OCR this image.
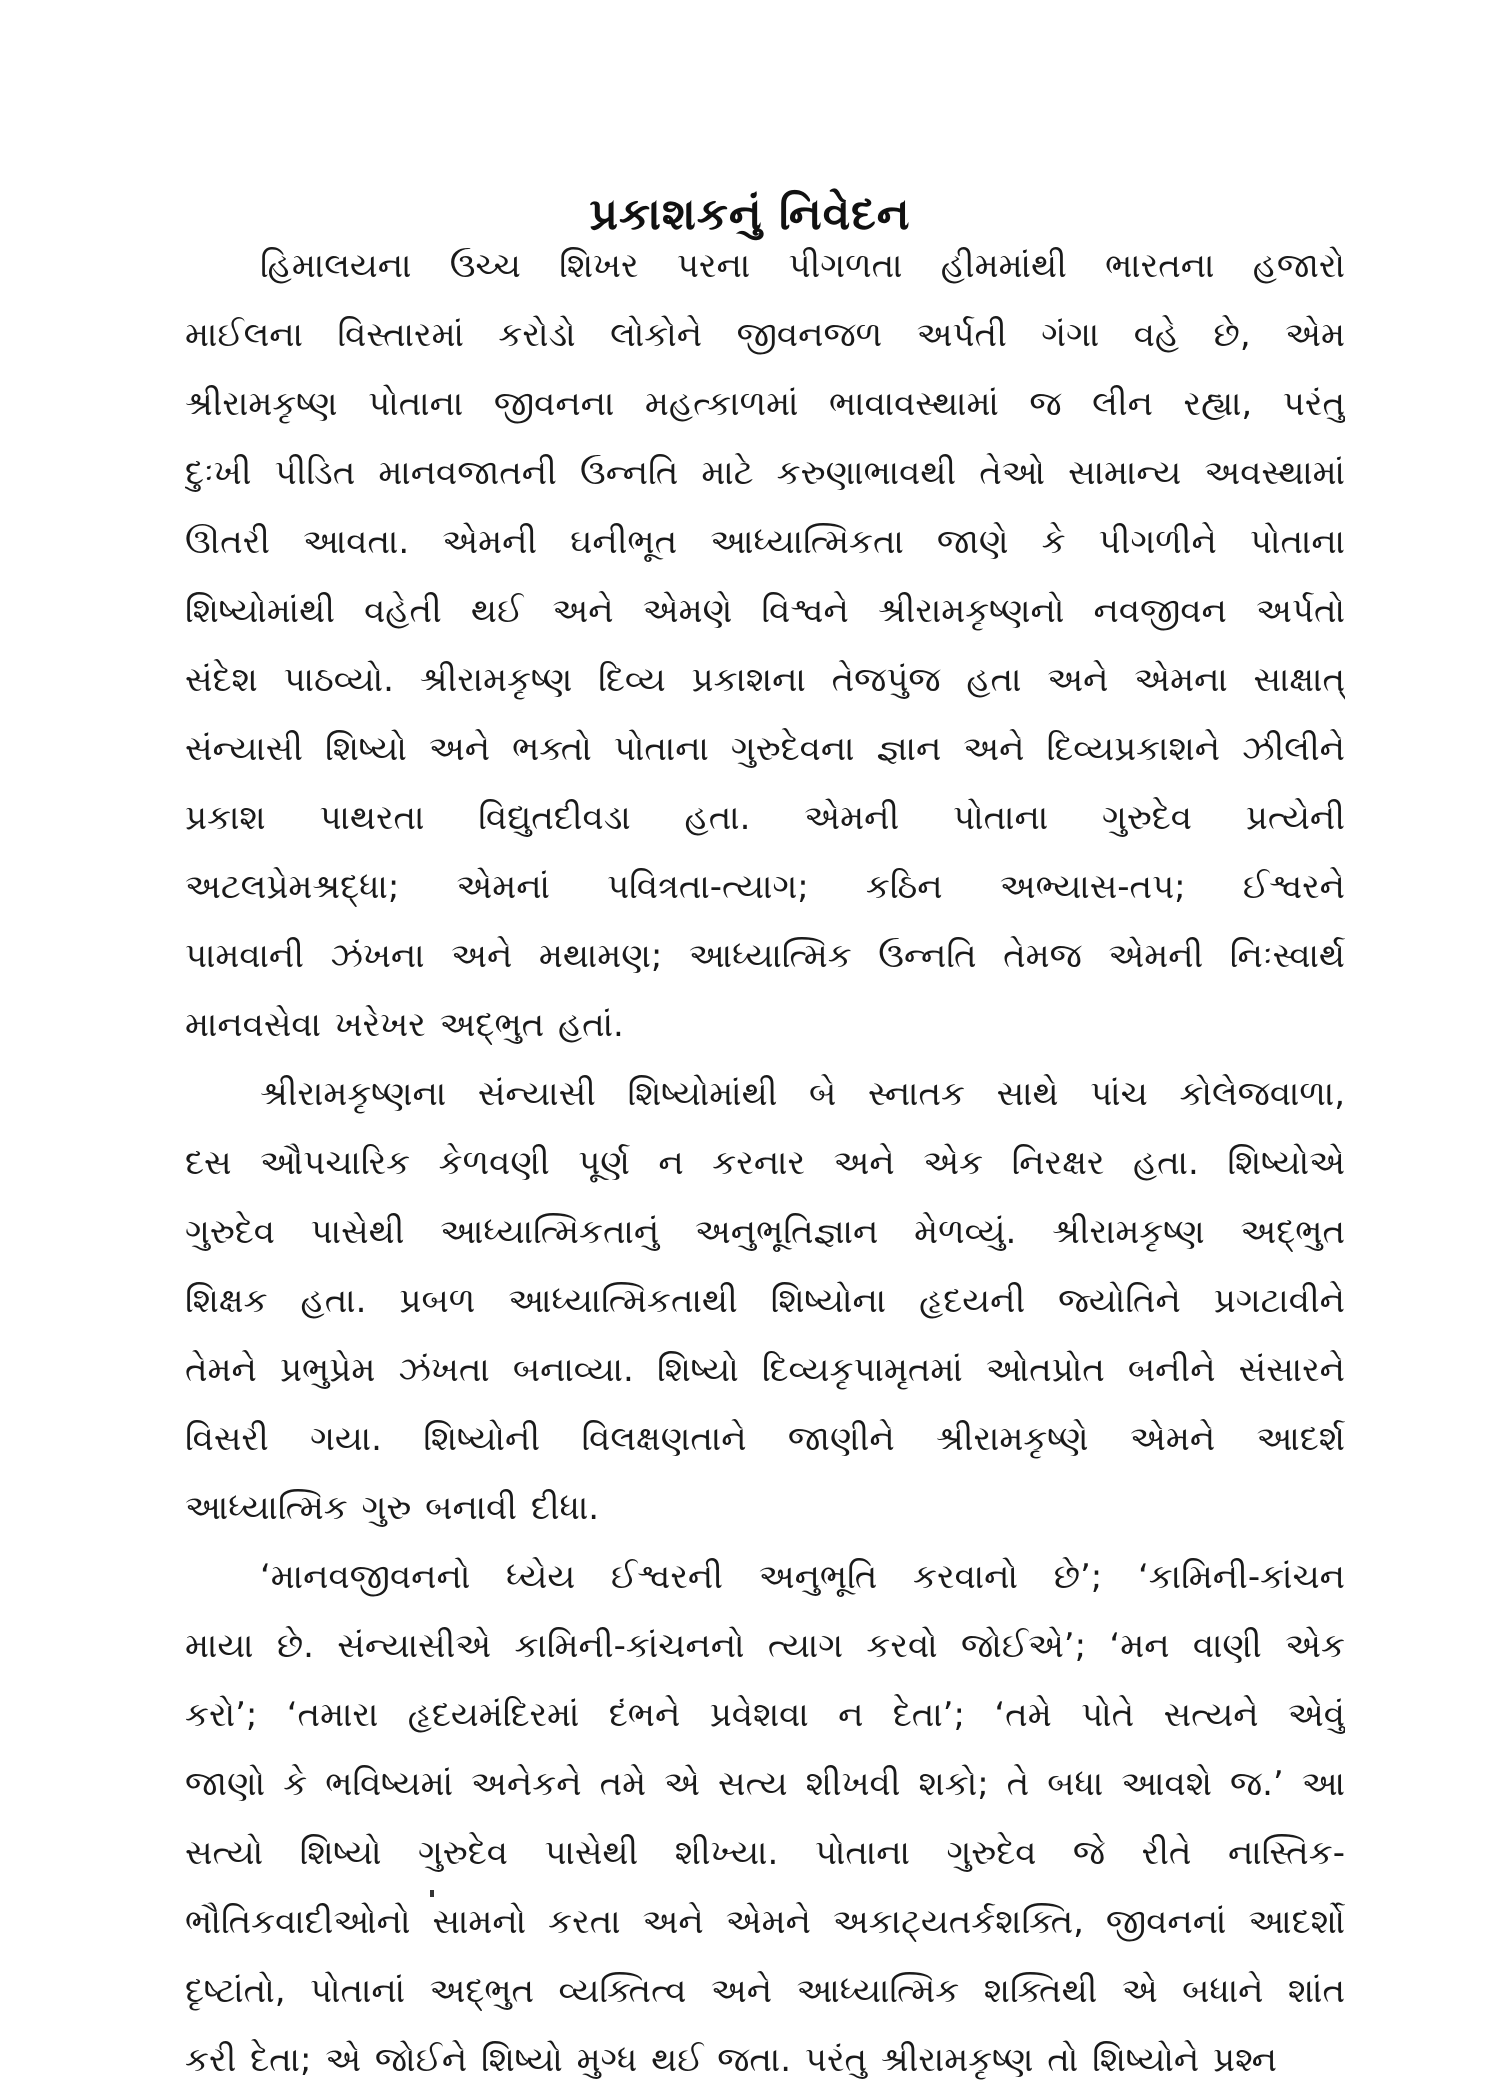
પ્રકાશકનું નિવેદન
હિમાલયના ઉચ્ચ શિખર પરના પીગળતા હીમમાંથી ભારતના હજારો
માઈલના વિસ્તારમાં કરોડો લોકોને જીવનજળ અર્પતી ગંગા વહે છે, એમ
શ્રીરામકૃષ્ણ પોતાના જીવનના મહત્કાળમાં ભાવાવસ્થામાં જ લીન રહ્યા, પરંતુ
દુઃખી પીડિત માનવજાતની ઉન્નતિ માટે કરુણાભાવથી તેઓ સામાન્ય અવસ્થામાં
ઊતરી આવતા. એમની ઘનીભૂત આધ્યાત્મિકતા જાણે કે પીગળીને પોતાના
શિષ્યોમાંથી વહેતી થઈ અને એમણે વિશ્વને શ્રીરામકૃષ્ણનો નવજીવન અર્પતો
સંદેશ પાઠવ્યો. શ્રીરામકૃષ્ણ દિવ્ય પ્રકાશના તેજપુંજ હતા અને એમના સાક્ષાત્
સંન્યાસી શિષ્યો અને ભક્તો પોતાના ગુરુદેવના જ્ઞાન અને દિવ્યપ્રકાશને ઝીલીને
પ્રકાશ પાથરતા વિદ્યુતદીવડા હતા. એમની પોતાના ગુરુદેવ પ્રત્યેની
અટલપ્રેમશ્રદ્ધા; એમનાં પવિત્રતા-ત્યાગ; કઠિન અભ્યાસ-તપ; ઈશ્વરને
પામવાની ઝંખના અને મથામણ; આધ્યાત્મિક ઉન્નતિ તેમજ એમની નિઃસ્વાર્થ
માનવસેવા ખરેખર અદ્‌ભુત હતાં.
શ્રીરામકૃષ્ણના સંન્યાસી શિષ્યોમાંથી બે સ્નાતક સાથે પાંચ કોલેજવાળા,
દસ ઔપચારિક કેળવણી પૂર્ણ ન કરનાર અને એક નિરક્ષર હતા. શિષ્યોએ
ગુરુદેવ પાસેથી આધ્યાત્મિકતાનું અનુભૂતિજ્ઞાન મેળવ્યું. શ્રીરામકૃષ્ણ અદ્‌ભુત
શિક્ષક હતા. પ્રબળ આધ્યાત્મિકતાથી શિષ્યોના હૃદયની જ્યોતિને પ્રગટાવીને
તેમને પ્રભુપ્રેમ ઝંખતા બનાવ્યા. શિષ્યો દિવ્યકૃપામૃતમાં ઓતપ્રોત બનીને સંસારને
વિસરી ગયા. શિષ્યોની વિલક્ષણતાને જાણીને શ્રીરામકૃષ્ણે એમને આદર્શ
આધ્યાત્મિક ગુરુ બનાવી દીધા.
‘માનવજીવનનો ધ્યેય ઈશ્વરની અનુભૂતિ કરવાનો છે’; ‘કામિની-કાંચન
માયા છે. સંન્યાસીએ કામિની-કાંચનનો ત્યાગ કરવો જોઈએ’; ‘મન વાણી એક
કરો’; ‘તમારા હૃદયમંદિરમાં દંભને પ્રવેશવા ન દેતા’; ‘તમે પોતે સત્યને એવું
જાણો કે ભવિષ્યમાં અનેકને તમે એ સત્ય શીખવી શકો; તે બધા આવશે જ.’ આ
સત્યો શિષ્યો ગુરુદેવ પાસેથી શીખ્યા. પોતાના ગુરુદેવ જે રીતે નાસ્તિક-
ભૌતિકવાદીઓનો સામનો કરતા અને એમને અકાટ્યતર્કશક્તિ, જીવનનાં આદર્શો
દૃષ્ટાંતો, પોતાનાં અદ્‌ભુત વ્યક્તિત્વ અને આધ્યાત્મિક શક્તિથી એ બધાને શાંત
કરી દેતા; એ જોઈને શિષ્યો મુગ્ધ થઈ જતા. પરંતુ શ્રીરામકૃષ્ણ તો શિષ્યોને પ્રશ્ન
